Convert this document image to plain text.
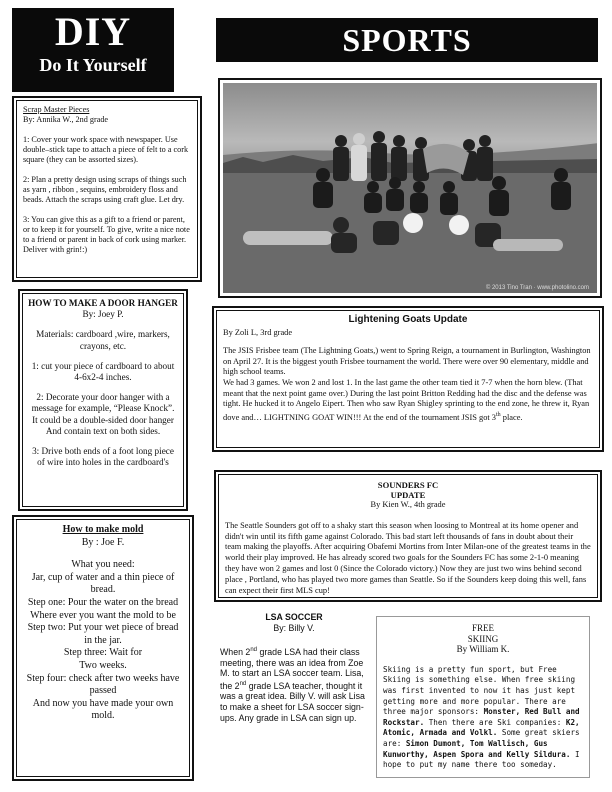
DIY
Do It Yourself
SPORTS
Scrap Master Pieces

By: Annika W., 2nd grade

1: Cover your work space with newspaper. Use double–stick tape to attach a piece of felt to a cork square (they can be assorted sizes).

2: Plan a pretty design using scraps of things such as yarn , ribbon , sequins, embroidery floss and beads. Attach the scraps using craft glue. Let dry.

3: You can give this as a gift to a friend or parent, or to keep it for yourself. To give, write a nice note to a friend or parent in back of cork using marker. Deliver with grin!:)

HOW TO MAKE A DOOR HANGER

By: Joey P.

Materials: cardboard ,wire, markers, crayons, etc.

1: cut your piece of cardboard to about 4-6x2-4 inches.

2: Decorate your door hanger with a message for example, “Please Knock”. It could be a double-sided door hanger And contain text on both sides.

3: Drive both ends of a foot long piece of wire into holes in the cardboard's

How to make mold
By : Joe F.
What you need:
Jar, cup of water and a thin piece of bread.
Step one: Pour the water on the bread
Where ever you want the mold to be
Step two: Put your wet piece of bread in the jar.
Step three: Wait for
Two weeks.
Step four: check after two weeks have passed
And now you have made your own mold.
© 2013 Tino Tran · www.photolino.com
Lightening Goats Update
By Zoli L, 3rd grade
The JSIS Frisbee team (The Lightning Goats,) went to Spring Reign, a tournament in Burlington, Washington on April 27. It is the biggest youth Frisbee tournament the world. There were over 90 elementary, middle and high school teams.
We had 3 games. We won 2 and lost 1. In the last game the other team tied it 7-7 when the horn blew. (That meant that the next point game over.) During the last point Britton Redding had the disc and the defense was tight. He hucked it to Angelo Eipert. Then who saw Ryan Shigley sprinting to the end zone, he threw it, Ryan dove and… LIGHTNING GOAT WIN!!! At the end of the tournament JSIS got 3th place.
SOUNDERS FC
UPDATE
By Kien W., 4th grade
The Seattle Sounders got off to a shaky start this season when loosing to Montreal at its home opener and didn't win until its fifth game against Colorado. This bad start left thousands of fans in doubt about their team making the playoffs. After acquiring Obafemi Mortins from Inter Milan-one of the greatest teams in the world their play improved. He has already scored two goals for the Sounders FC has some 2-1-0 meaning they have won 2 games and lost 0 (Since the Colorado victory.) Now they are just two wins behind second place , Portland, who has played two more games than Seattle. So if the Sounders keep doing this well, fans can expect their first MLS cup!
LSA SOCCER
By: Billy V.
When 2nd grade LSA had their class meeting, there was an idea from Zoe M. to start an LSA soccer team. Lisa, the 2nd grade LSA teacher, thought it was a great idea. Billy V. will ask Lisa to make a sheet for LSA soccer sign-ups. Any grade in LSA can sign up.
FREE
SKIING
By William K.
Skiing is a pretty fun sport, but Free Skiing is something else. When free skiing was first invented to now it has just kept getting more and more popular. There are three major sponsors: Monster, Red Bull and Rockstar. Then there are Ski companies: K2, Atomic, Armada and Volkl. Some great skiers are: Simon Dumont, Tom Wallisch, Gus Kunworthy, Aspen Spora and Kelly Sildura. I hope to put my name there too someday.
